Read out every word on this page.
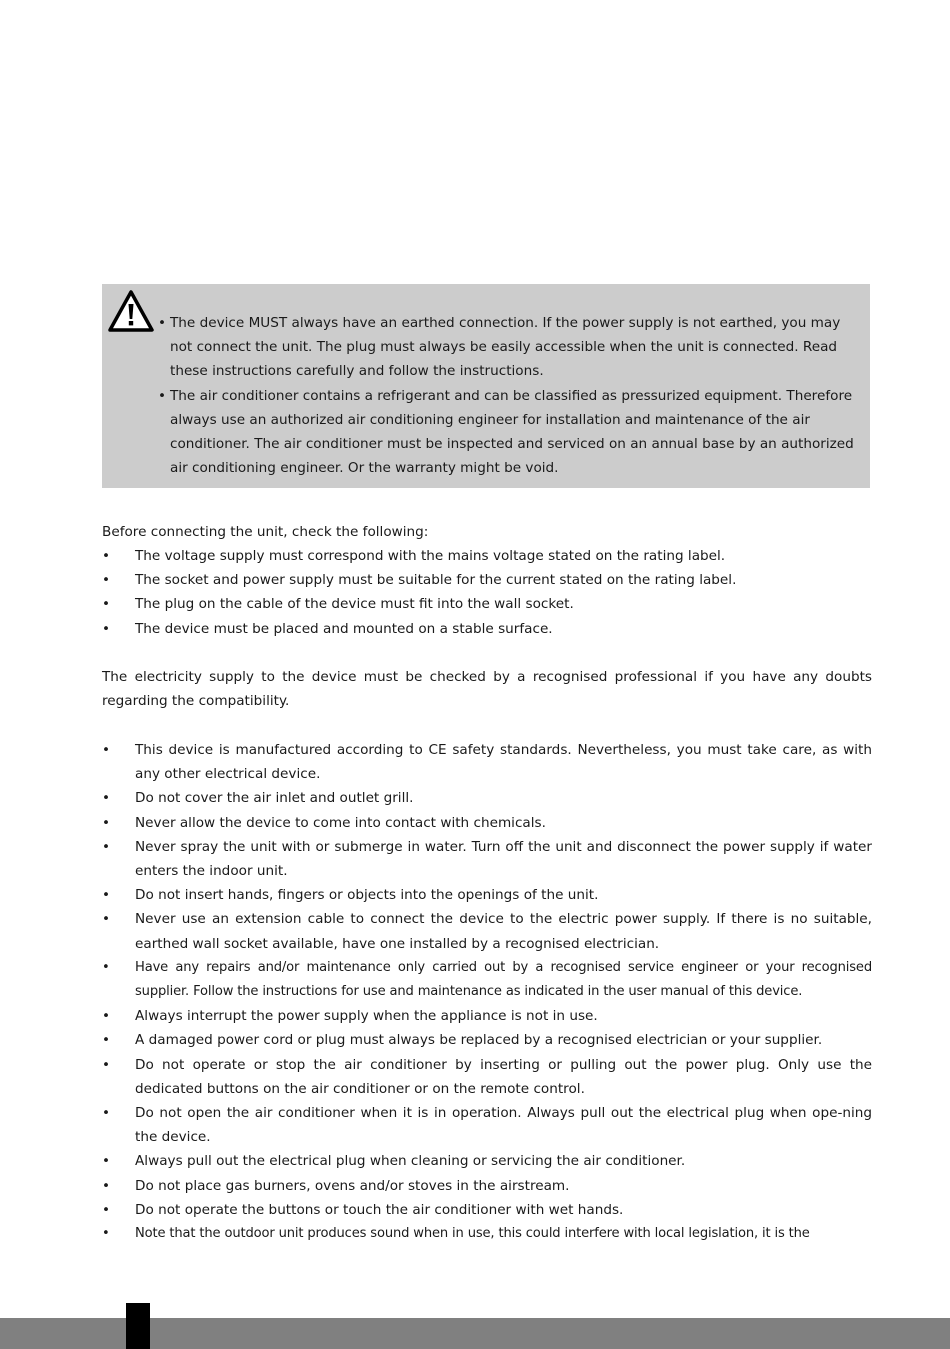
• The device MUST always have an earthed connection. If the power supply is not earthed, you may not connect the unit. The plug must always be easily accessible when the unit is connected. Read these instructions carefully and follow the instructions.
• The air conditioner contains a refrigerant and can be classified as pressurized equipment. Therefore always use an authorized air conditioning engineer for installation and maintenance of the air conditioner. The air conditioner must be inspected and serviced on an annual base by an authorized air conditioning engineer. Or the warranty might be void.

Before connecting the unit, check the following:

• The voltage supply must correspond with the mains voltage stated on the rating label.
• The socket and power supply must be suitable for the current stated on the rating label.
• The plug on the cable of the device must fit into the wall socket.
• The device must be placed and mounted on a stable surface.

The electricity supply to the device must be checked by a recognised professional if you have any doubts regarding the compatibility.

• This device is manufactured according to CE safety standards. Nevertheless, you must take care, as with any other electrical device.
• Do not cover the air inlet and outlet grill.
• Never allow the device to come into contact with chemicals.
• Never spray the unit with or submerge in water. Turn off the unit and disconnect the power supply if water enters the indoor unit.
• Do not insert hands, fingers or objects into the openings of the unit.
• Never use an extension cable to connect the device to the electric power supply. If there is no suitable, earthed wall socket available, have one installed by a recognised electrician.
• Have any repairs and/or maintenance only carried out by a recognised service engineer or your recognised supplier. Follow the instructions for use and maintenance as indicated in the user manual of this device.
• Always interrupt the power supply when the appliance is not in use.
• A damaged power cord or plug must always be replaced by a recognised electrician or your supplier.
• Do not operate or stop the air conditioner by inserting or pulling out the power plug. Only use the dedicated buttons on the air conditioner or on the remote control.
• Do not open the air conditioner when it is in operation. Always pull out the electrical plug when ope-ning the device.
• Always pull out the electrical plug when cleaning or servicing the air conditioner.
• Do not place gas burners, ovens and/or stoves in the airstream.
• Do not operate the buttons or touch the air conditioner with wet hands.
• Note that the outdoor unit produces sound when in use, this could interfere with local legislation, it is the
